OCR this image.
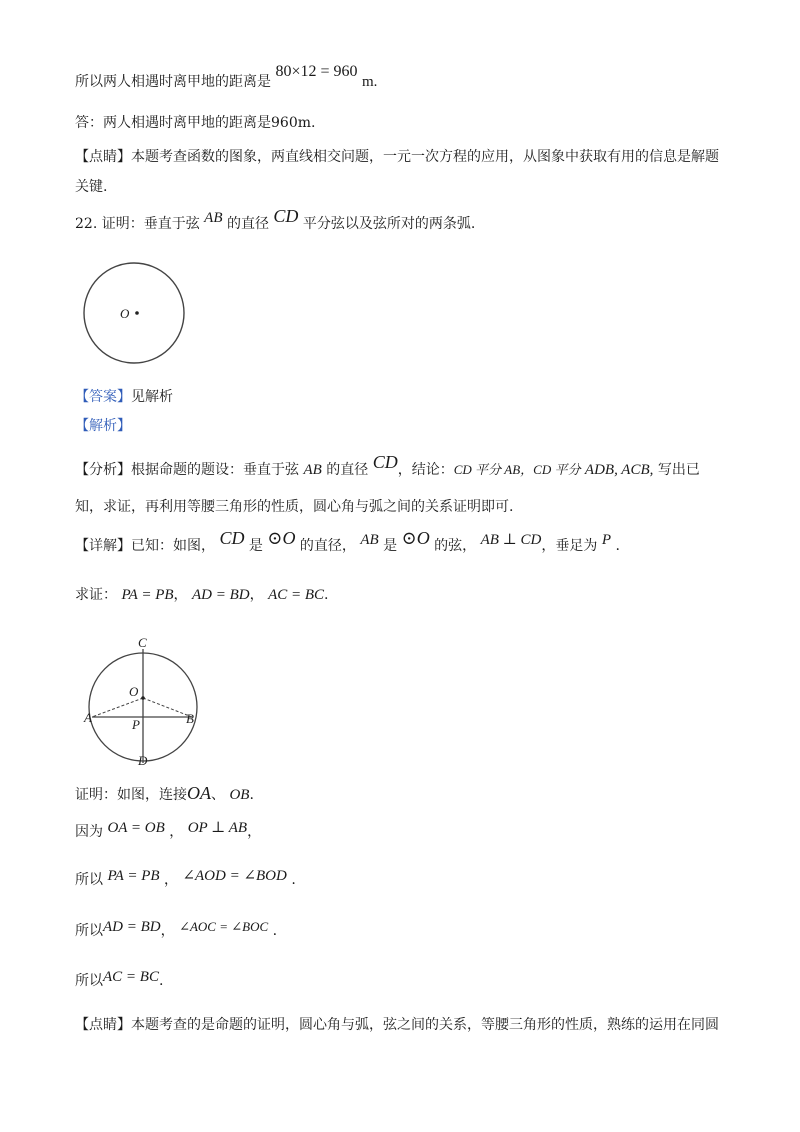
所以两人相遇时离甲地的距离是 80×12 = 960 m.
答：两人相遇时离甲地的距离是960m.
【点睛】本题考查函数的图象，两直线相交问题，一元一次方程的应用，从图象中获取有用的信息是解题
关键.
22. 证明：垂直于弦 AB 的直径 CD 平分弦以及弦所对的两条弧.
O
【答案】见解析
【解析】
【分析】根据命题的题设：垂直于弦 AB 的直径 CD，结论：CD 平分 AB，CD 平分 ADB, ACB, 写出已
知，求证，再利用等腰三角形的性质，圆心角与弧之间的关系证明即可.
【详解】已知：如图， CD 是 ⊙O 的直径， AB 是 ⊙O 的弦， AB ⊥ CD，垂足为 P .
求证： PA = PB， AD = BD， AC = BC.
C
O
A	P	B
D
证明：如图，连接OA、 OB.
因为 OA = OB ， OP ⊥ AB，
所以 PA = PB ， ∠AOD = ∠BOD .
所以AD = BD， ∠AOC = ∠BOC .
所以AC = BC.
【点睛】本题考查的是命题的证明，圆心角与弧，弦之间的关系，等腰三角形的性质，熟练的运用在同圆
